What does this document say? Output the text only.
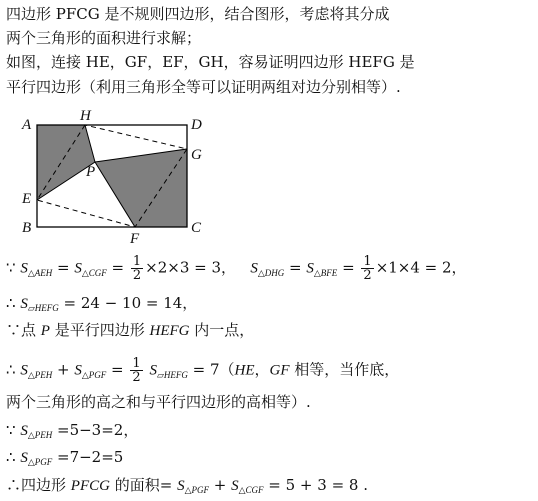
四边形 PFCG 是不规则四边形，结合图形，考虑将其分成
两个三角形的面积进行求解；
如图，连接 HE，GF，EF，GH，容易证明四边形 HEFG 是
平行四边形（利用三角形全等可以证明两组对边分别相等）.
A
H
D
G
P
E
B
F
C
∵ $S_{\triangle AEH} = S_{\triangle CGF} = \frac{1}{2} \times 2\times 3 = 3$，   $S_{\triangle DHG} = S_{\triangle BFE} = \frac{1}{2} \times 1\times 4 = 2$，
∴ $S_{▱HEFG} = 24 - 10 = 14$，
∵点 P 是平行四边形 HEFG 内一点，
∴ $S_{\triangle PEH} + S_{\triangle PGF} = \frac{1}{2} S_{▱HEFG} = 7(HE$，GF 相等，当作底，
两个三角形的高之和与平行四边形的高相等）.
∵ $S_{\triangle PEH} =5-3=2$，
∴ $S_{\triangle PGF} =7-2=5$
∴四边形 PFCG 的面积= $S_{\triangle PGF} + S_{\triangle CGF} = 5 + 3 = 8$ .
